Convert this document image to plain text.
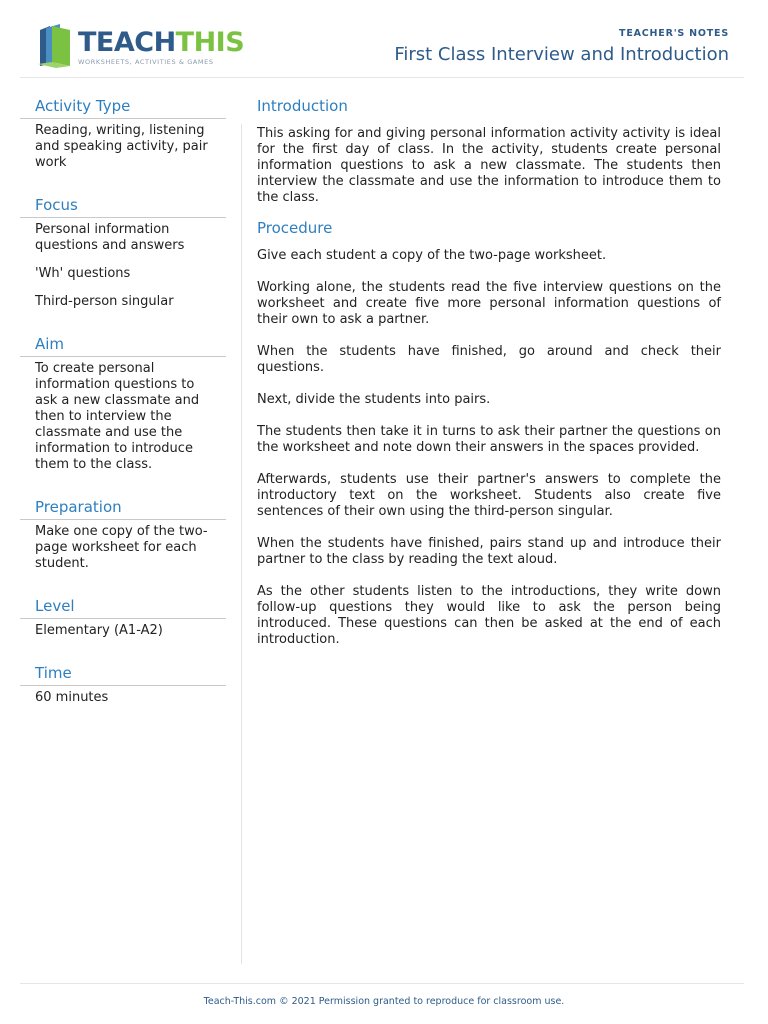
TEACHTHIS
WORKSHEETS, ACTIVITIES & GAMES
TEACHER'S NOTES
First Class Interview and Introduction
Activity Type

Reading, writing, listening and speaking activity, pair work

Focus

Personal information questions and answers

'Wh' questions

Third-person singular

Aim

To create personal information questions to ask a new classmate and then to interview the classmate and use the information to introduce them to the class.

Preparation

Make one copy of the two-page worksheet for each student.

Level

Elementary (A1-A2)

Time

60 minutes

Introduction

This asking for and giving personal information activity activity is ideal for the first day of class. In the activity, students create personal information questions to ask a new classmate. The students then interview the classmate and use the information to introduce them to the class.

Procedure

Give each student a copy of the two-page worksheet.

Working alone, the students read the five interview questions on the worksheet and create five more personal information questions of their own to ask a partner.

When the students have finished, go around and check their questions.

Next, divide the students into pairs.

The students then take it in turns to ask their partner the questions on the worksheet and note down their answers in the spaces provided.

Afterwards, students use their partner's answers to complete the introductory text on the worksheet. Students also create five sentences of their own using the third-person singular.

When the students have finished, pairs stand up and introduce their partner to the class by reading the text aloud.

As the other students listen to the introductions, they write down follow-up questions they would like to ask the person being introduced. These questions can then be asked at the end of each introduction.

Teach-This.com © 2021 Permission granted to reproduce for classroom use.
